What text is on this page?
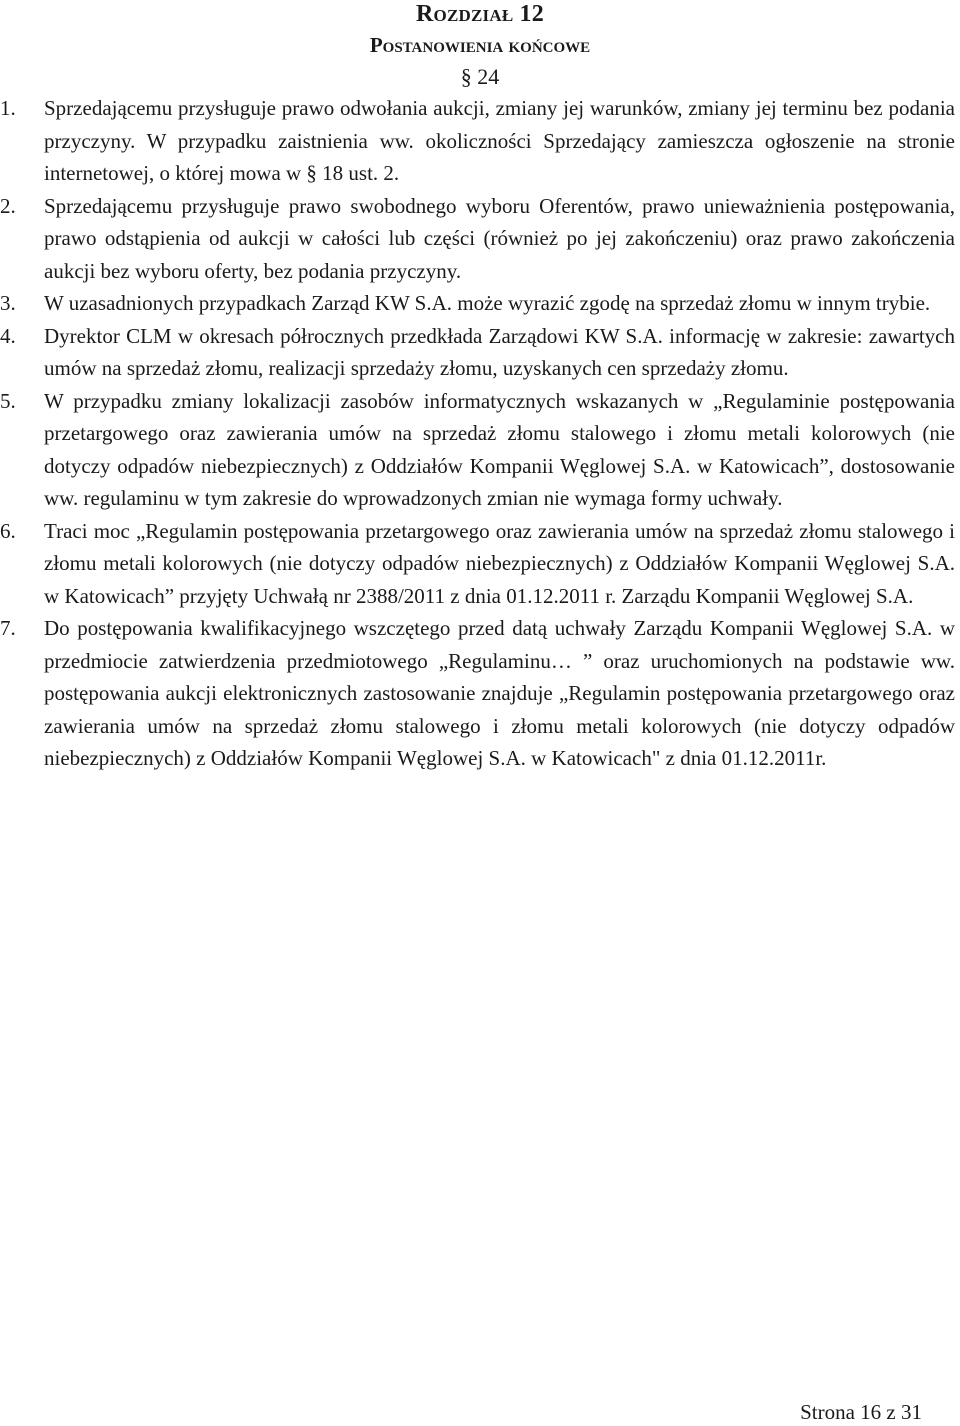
Rozdział 12
Postanowienia końcowe
§ 24
1.	Sprzedającemu przysługuje prawo odwołania aukcji, zmiany jej warunków, zmiany jej terminu bez podania przyczyny. W przypadku zaistnienia ww. okoliczności Sprzedający zamieszcza ogłoszenie na stronie internetowej, o której mowa w § 18 ust. 2.
2.	Sprzedającemu przysługuje prawo swobodnego wyboru Oferentów, prawo unieważnienia postępowania, prawo odstąpienia od aukcji w całości lub części (również po jej zakończeniu) oraz prawo zakończenia aukcji bez wyboru oferty, bez podania przyczyny.
3.	W uzasadnionych przypadkach Zarząd KW S.A. może wyrazić zgodę na sprzedaż złomu w innym trybie.
4.	Dyrektor CLM w okresach półrocznych przedkłada Zarządowi KW S.A. informację w zakresie: zawartych umów na sprzedaż złomu, realizacji sprzedaży złomu, uzyskanych cen sprzedaży złomu.
5.	W przypadku zmiany lokalizacji zasobów informatycznych wskazanych w „Regulaminie postępowania przetargowego oraz zawierania umów na sprzedaż złomu stalowego i złomu metali kolorowych (nie dotyczy odpadów niebezpiecznych) z Oddziałów Kompanii Węglowej S.A. w Katowicach”, dostosowanie ww. regulaminu w tym zakresie do wprowadzonych zmian nie wymaga formy uchwały.
6.	Traci moc „Regulamin postępowania przetargowego oraz zawierania umów na sprzedaż złomu stalowego i złomu metali kolorowych (nie dotyczy odpadów niebezpiecznych) z Oddziałów Kompanii Węglowej S.A. w Katowicach” przyjęty Uchwałą nr 2388/2011 z dnia 01.12.2011 r. Zarządu Kompanii Węglowej S.A.
7.	Do postępowania kwalifikacyjnego wszczętego przed datą uchwały Zarządu Kompanii Węglowej S.A. w przedmiocie zatwierdzenia przedmiotowego „Regulaminu… ” oraz uruchomionych na podstawie ww. postępowania aukcji elektronicznych zastosowanie znajduje „Regulamin postępowania przetargowego oraz zawierania umów na sprzedaż złomu stalowego i złomu metali kolorowych (nie dotyczy odpadów niebezpiecznych) z Oddziałów Kompanii Węglowej S.A. w Katowicach" z dnia 01.12.2011r.
Strona 16 z 31
